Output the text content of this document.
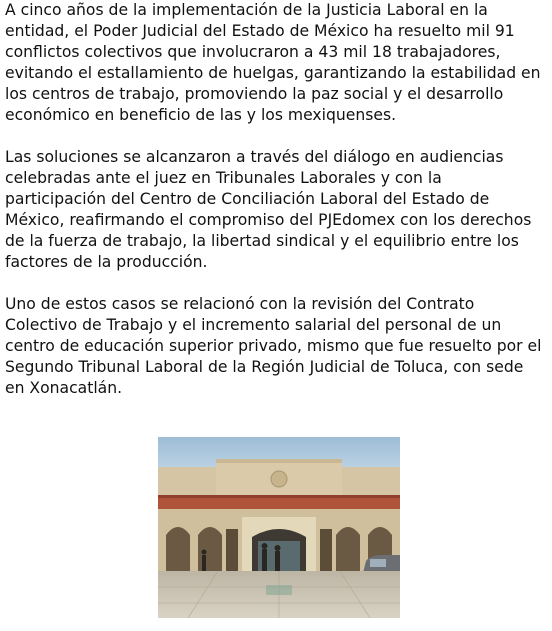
A cinco años de la implementación de la Justicia Laboral en la entidad, el Poder Judicial del Estado de México ha resuelto mil 91 conflictos colectivos que involucraron a 43 mil 18 trabajadores, evitando el estallamiento de huelgas, garantizando la estabilidad en los centros de trabajo, promoviendo la paz social y el desarrollo económico en beneficio de las y los mexiquenses.

Las soluciones se alcanzaron a través del diálogo en audiencias celebradas ante el juez en Tribunales Laborales y con la participación del Centro de Conciliación Laboral del Estado de México, reafirmando el compromiso del PJEdomex con los derechos de la fuerza de trabajo, la libertad sindical y el equilibrio entre los factores de la producción.

Uno de estos casos se relacionó con la revisión del Contrato Colectivo de Trabajo y el incremento salarial del personal de un centro de educación superior privado, mismo que fue resuelto por el Segundo Tribunal Laboral de la Región Judicial de Toluca, con sede en Xonacatlán.
